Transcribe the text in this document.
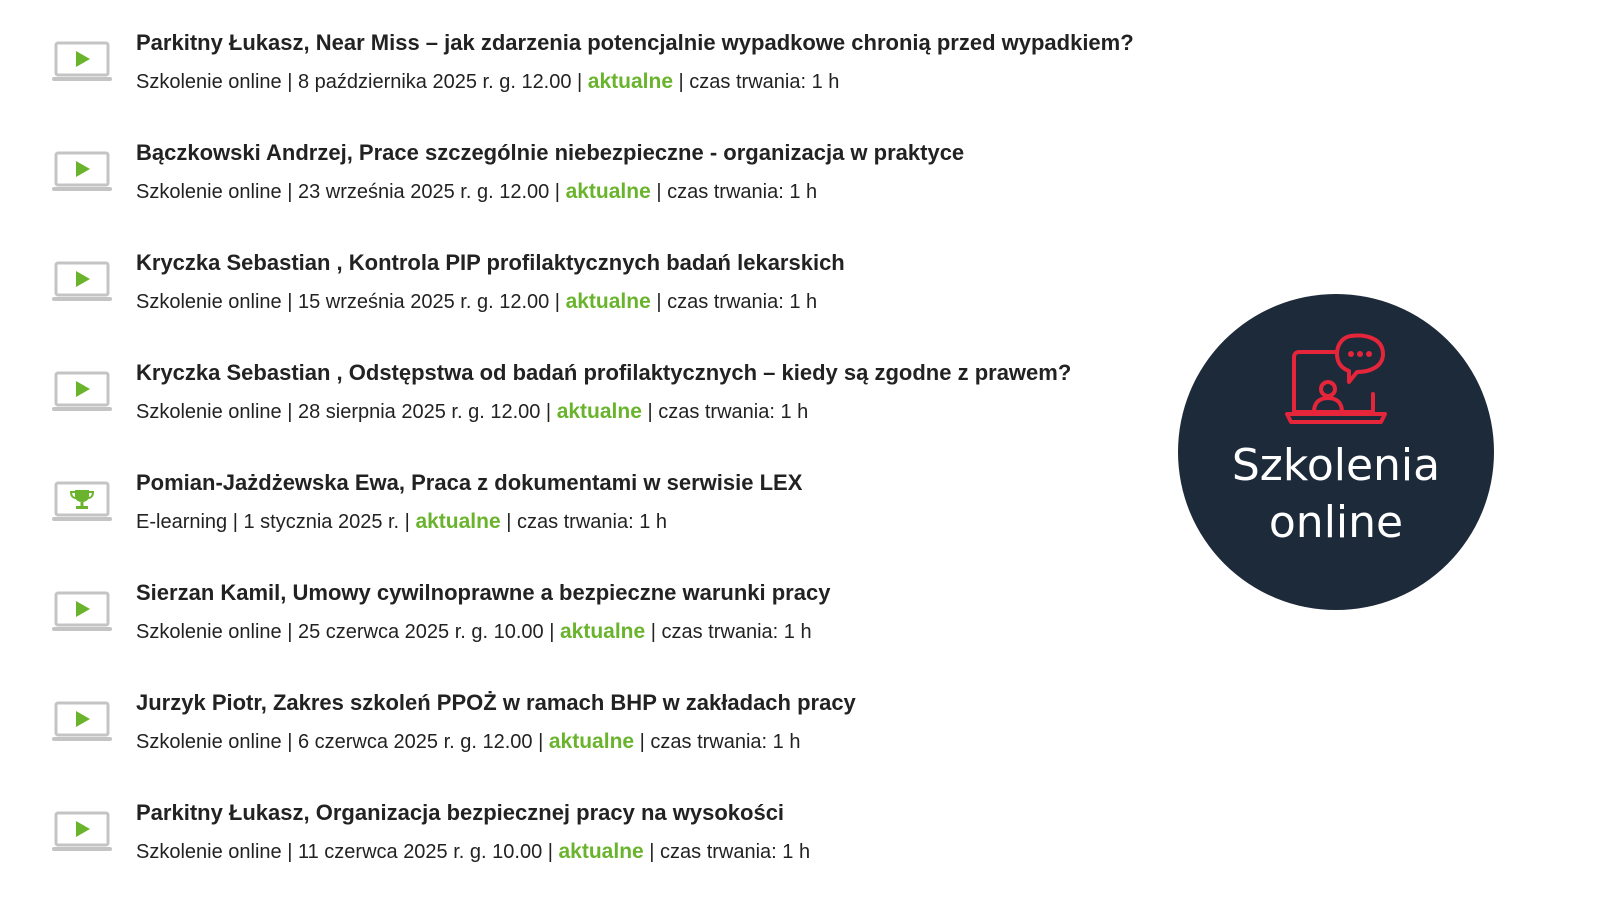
Parkitny Łukasz, Near Miss – jak zdarzenia potencjalnie wypadkowe chronią przed wypadkiem?
Szkolenie online | 8 października 2025 r. g. 12.00 | aktualne | czas trwania: 1 h
Bączkowski Andrzej, Prace szczególnie niebezpieczne - organizacja w praktyce
Szkolenie online | 23 września 2025 r. g. 12.00 | aktualne | czas trwania: 1 h
Kryczka Sebastian , Kontrola PIP profilaktycznych badań lekarskich
Szkolenie online | 15 września 2025 r. g. 12.00 | aktualne | czas trwania: 1 h
Kryczka Sebastian , Odstępstwa od badań profilaktycznych – kiedy są zgodne z prawem?
Szkolenie online | 28 sierpnia 2025 r. g. 12.00 | aktualne | czas trwania: 1 h
Pomian-Jażdżewska Ewa, Praca z dokumentami w serwisie LEX
E-learning | 1 stycznia 2025 r. | aktualne | czas trwania: 1 h
Sierzan Kamil, Umowy cywilnoprawne a bezpieczne warunki pracy
Szkolenie online | 25 czerwca 2025 r. g. 10.00 | aktualne | czas trwania: 1 h
Jurzyk Piotr, Zakres szkoleń PPOŻ w ramach BHP w zakładach pracy
Szkolenie online | 6 czerwca 2025 r. g. 12.00 | aktualne | czas trwania: 1 h
Parkitny Łukasz, Organizacja bezpiecznej pracy na wysokości
Szkolenie online | 11 czerwca 2025 r. g. 10.00 | aktualne | czas trwania: 1 h
Szkolenia
online
